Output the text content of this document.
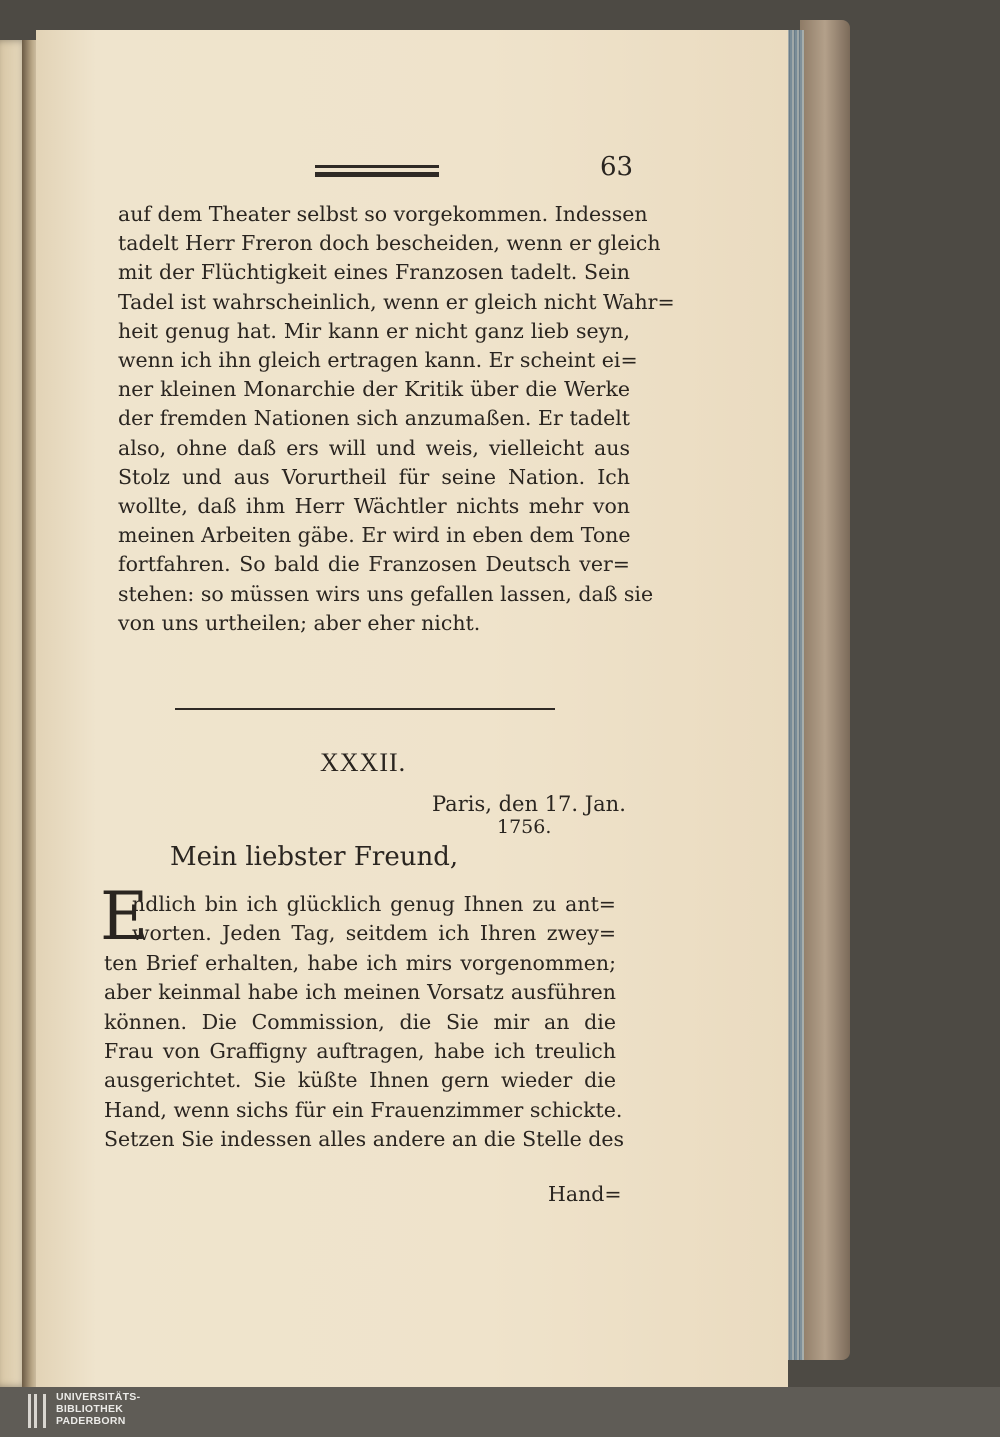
63
auf dem Theater selbst so vorgekommen. Indessen
tadelt Herr Freron doch bescheiden, wenn er gleich
mit der Flüchtigkeit eines Franzosen tadelt. Sein
Tadel ist wahrscheinlich, wenn er gleich nicht Wahr=
heit genug hat. Mir kann er nicht ganz lieb seyn,
wenn ich ihn gleich ertragen kann. Er scheint ei=
ner kleinen Monarchie der Kritik über die Werke
der fremden Nationen sich anzumaßen. Er tadelt
also, ohne daß ers will und weis, vielleicht aus
Stolz und aus Vorurtheil für seine Nation. Ich
wollte, daß ihm Herr Wächtler nichts mehr von
meinen Arbeiten gäbe. Er wird in eben dem Tone
fortfahren. So bald die Franzosen Deutsch ver=
stehen: so müssen wirs uns gefallen lassen, daß sie
von uns urtheilen; aber eher nicht.
XXXII.
Paris, den 17. Jan.
1756.
Mein liebster Freund,
E
ndlich bin ich glücklich genug Ihnen zu ant=
worten. Jeden Tag, seitdem ich Ihren zwey=
ten Brief erhalten, habe ich mirs vorgenommen;
aber keinmal habe ich meinen Vorsatz ausführen
können. Die Commission, die Sie mir an die
Frau von Graffigny auftragen, habe ich treulich
ausgerichtet. Sie küßte Ihnen gern wieder die
Hand, wenn sichs für ein Frauenzimmer schickte.
Setzen Sie indessen alles andere an die Stelle des
Hand=
UNIVERSITÄTS-
BIBLIOTHEK
PADERBORN
